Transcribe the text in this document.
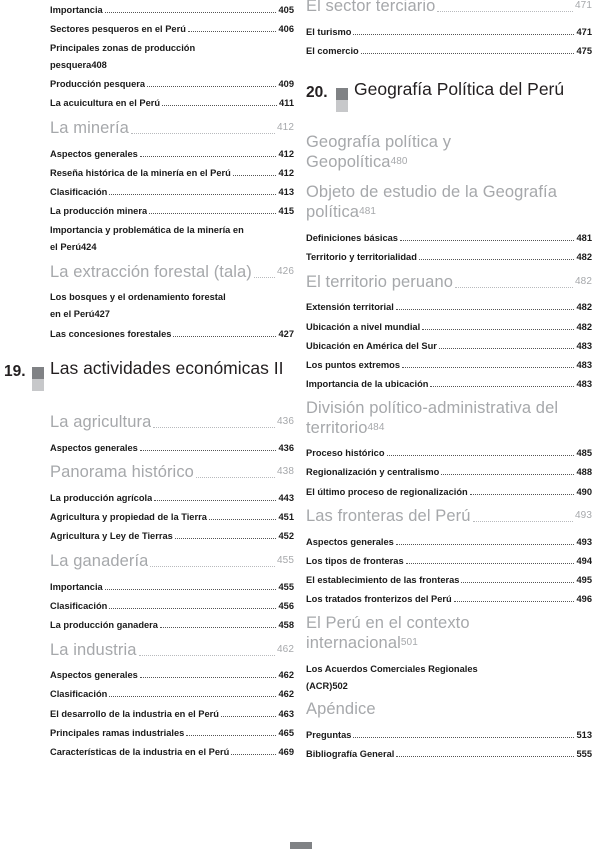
Importancia	405
Sectores pesqueros en el Perú	406
Principales zonas de producción
pesquera 408
Producción pesquera	409
La acuicultura en el Perú	411
La minería	412
Aspectos generales	412
Reseña histórica de la minería en el Perú	412
Clasificación	413
La producción minera	415
Importancia y problemática de la minería en
el Perú 424
La extracción forestal (tala)	426
Los bosques y el ordenamiento forestal
en el Perú 427
Las concesiones forestales	427
19. Las actividades económicas II
La agricultura	436
Aspectos generales	436
Panorama histórico	438
La producción agrícola	443
Agricultura y propiedad de la Tierra	451
Agricultura y Ley de Tierras	452
La ganadería	455
Importancia	455
Clasificación	456
La producción ganadera	458
La industria	462
Aspectos generales	462
Clasificación	462
El desarrollo de la industria en el Perú	463
Principales ramas industriales	465
Características de la industria en el Perú	469
El sector terciario	471
El turismo	471
El comercio	475
20. Geografía Política del Perú
Geografía política y
Geopolítica 480
Objeto de estudio de la Geografía
política 481
Definiciones básicas	481
Territorio y territorialidad	482
El territorio peruano	482
Extensión territorial	482
Ubicación a nivel mundial	482
Ubicación en América del Sur	483
Los puntos extremos	483
Importancia de la ubicación	483
División político-administrativa del
territorio 484
Proceso histórico	485
Regionalización y centralismo	488
El último proceso de regionalización	490
Las fronteras del Perú	493
Aspectos generales	493
Los tipos de fronteras	494
El establecimiento de las fronteras	495
Los tratados fronterizos del Perú	496
El Perú en el contexto
internacional 501
Los Acuerdos Comerciales Regionales
(ACR) 502
Apéndice
Preguntas	513
Bibliografía General	555
